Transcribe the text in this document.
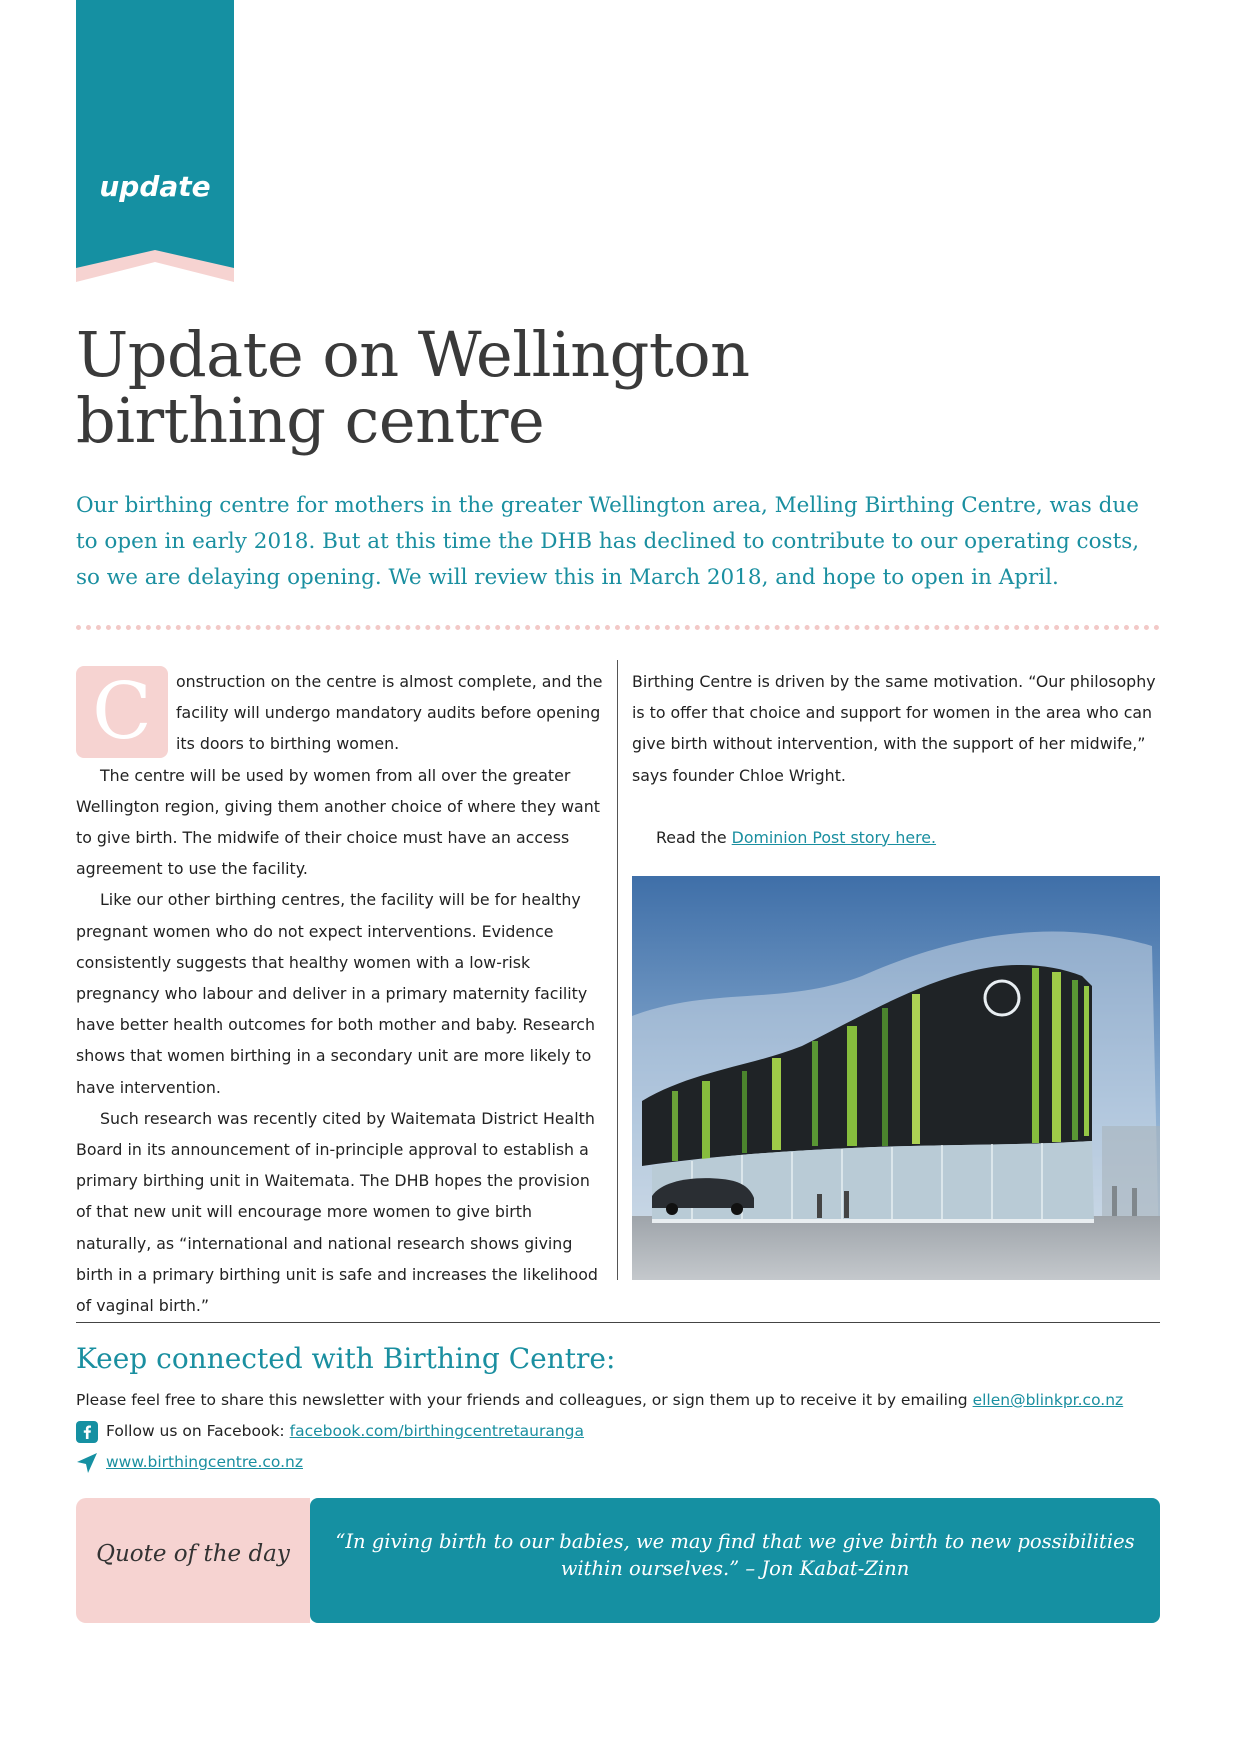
update
Update on Wellington
birthing centre

Our birthing centre for mothers in the greater Wellington area, Melling Birthing Centre, was due to open in early 2018. But at this time the DHB has declined to contribute to our operating costs, so we are delaying opening. We will review this in March 2018, and hope to open in April.

C	onstruction on the centre is almost complete, and the facility will undergo mandatory audits before opening its doors to birthing women.

The centre will be used by women from all over the greater Wellington region, giving them another choice of where they want to give birth. The midwife of their choice must have an access agreement to use the facility.

Like our other birthing centres, the facility will be for healthy pregnant women who do not expect interventions. Evidence consistently suggests that healthy women with a low-risk pregnancy who labour and deliver in a primary maternity facility have better health outcomes for both mother and baby. Research shows that women birthing in a secondary unit are more likely to have intervention.

Such research was recently cited by Waitemata District Health Board in its announcement of in-principle approval to establish a primary birthing unit in Waitemata. The DHB hopes the provision of that new unit will encourage more women to give birth naturally, as “international and national research shows giving birth in a primary birthing unit is safe and increases the likelihood of vaginal birth.”

Birthing Centre is driven by the same motivation. “Our philosophy is to offer that choice and support for women in the area who can give birth without intervention, with the support of her midwife,” says founder Chloe Wright.

Read the Dominion Post story here.

Keep connected with Birthing Centre:
Please feel free to share this newsletter with your friends and colleagues, or sign them up to receive it by emailing ellen@blinkpr.co.nz
Follow us on Facebook:
facebook.com/birthingcentretauranga
www.birthingcentre.co.nz
Quote of the day	“In giving birth to our babies, we may find that we give birth to new possibilities within ourselves.” – Jon Kabat-Zinn
